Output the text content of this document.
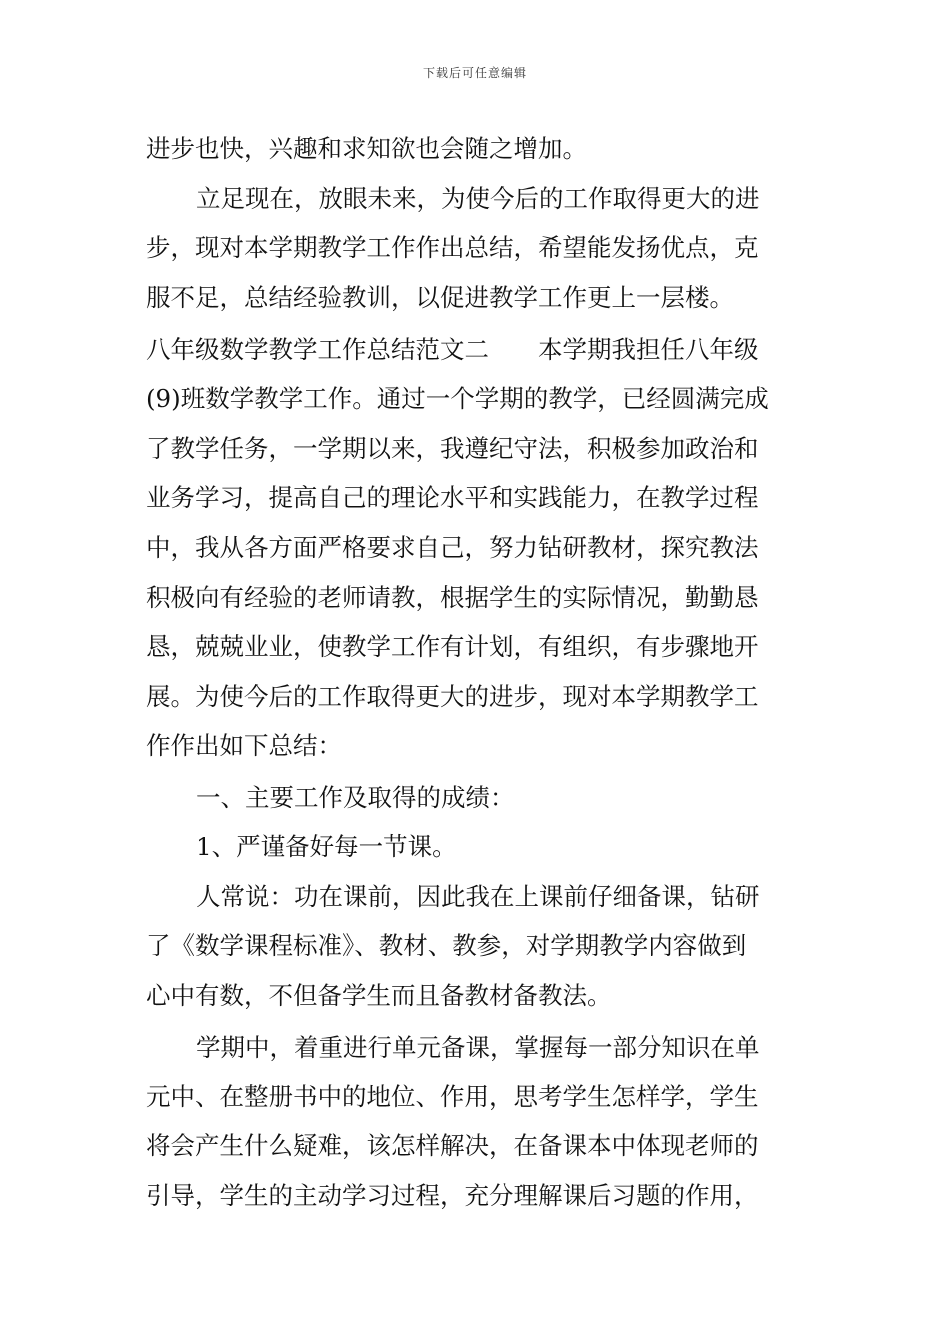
下载后可任意编辑
进步也快，兴趣和求知欲也会随之增加。
立足现在，放眼未来，为使今后的工作取得更大的进
步，现对本学期教学工作作出总结，希望能发扬优点，克
服不足，总结经验教训，以促进教学工作更上一层楼。
八年级数学教学工作总结范文二　　本学期我担任八年级
(9)班数学教学工作。通过一个学期的教学，已经圆满完成
了教学任务，一学期以来，我遵纪守法，积极参加政治和
业务学习，提高自己的理论水平和实践能力，在教学过程
中，我从各方面严格要求自己，努力钻研教材，探究教法
积极向有经验的老师请教，根据学生的实际情况，勤勤恳
恳，兢兢业业，使教学工作有计划，有组织，有步骤地开
展。为使今后的工作取得更大的进步，现对本学期教学工
作作出如下总结：
一、主要工作及取得的成绩：
1、严谨备好每一节课。
人常说：功在课前，因此我在上课前仔细备课，钻研
了《数学课程标准》、教材、教参，对学期教学内容做到
心中有数，不但备学生而且备教材备教法。
学期中，着重进行单元备课，掌握每一部分知识在单
元中、在整册书中的地位、作用，思考学生怎样学，学生
将会产生什么疑难，该怎样解决，在备课本中体现老师的
引导，学生的主动学习过程，充分理解课后习题的作用，
